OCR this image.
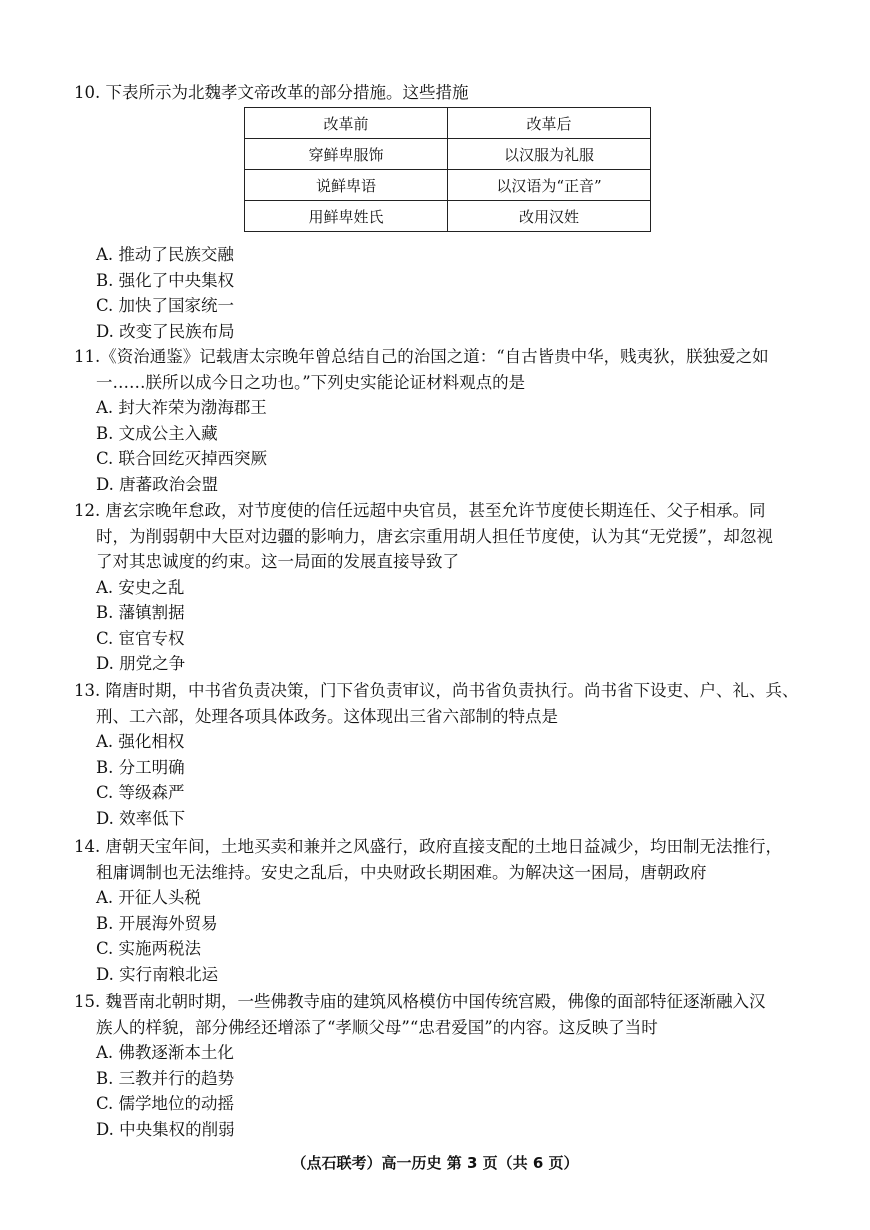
10. 下表所示为北魏孝文帝改革的部分措施。这些措施
改革前	改革后
穿鲜卑服饰	以汉服为礼服
说鲜卑语	以汉语为“正音”
用鲜卑姓氏	改用汉姓
A. 推动了民族交融
B. 强化了中央集权
C. 加快了国家统一
D. 改变了民族布局
11.《资治通鉴》记载唐太宗晚年曾总结自己的治国之道：“自古皆贵中华，贱夷狄，朕独爱之如
一……朕所以成今日之功也。”下列史实能论证材料观点的是
A. 封大祚荣为渤海郡王
B. 文成公主入藏
C. 联合回纥灭掉西突厥
D. 唐蕃政治会盟
12. 唐玄宗晚年怠政，对节度使的信任远超中央官员，甚至允许节度使长期连任、父子相承。同
时，为削弱朝中大臣对边疆的影响力，唐玄宗重用胡人担任节度使，认为其“无党援”，却忽视
了对其忠诚度的约束。这一局面的发展直接导致了
A. 安史之乱
B. 藩镇割据
C. 宦官专权
D. 朋党之争
13. 隋唐时期，中书省负责决策，门下省负责审议，尚书省负责执行。尚书省下设吏、户、礼、兵、
刑、工六部，处理各项具体政务。这体现出三省六部制的特点是
A. 强化相权
B. 分工明确
C. 等级森严
D. 效率低下
14. 唐朝天宝年间，土地买卖和兼并之风盛行，政府直接支配的土地日益减少，均田制无法推行，
租庸调制也无法维持。安史之乱后，中央财政长期困难。为解决这一困局，唐朝政府
A. 开征人头税
B. 开展海外贸易
C. 实施两税法
D. 实行南粮北运
15. 魏晋南北朝时期，一些佛教寺庙的建筑风格模仿中国传统宫殿，佛像的面部特征逐渐融入汉
族人的样貌，部分佛经还增添了“孝顺父母”“忠君爱国”的内容。这反映了当时
A. 佛教逐渐本土化
B. 三教并行的趋势
C. 儒学地位的动摇
D. 中央集权的削弱
（点石联考）高一历史 第 3 页（共 6 页）
